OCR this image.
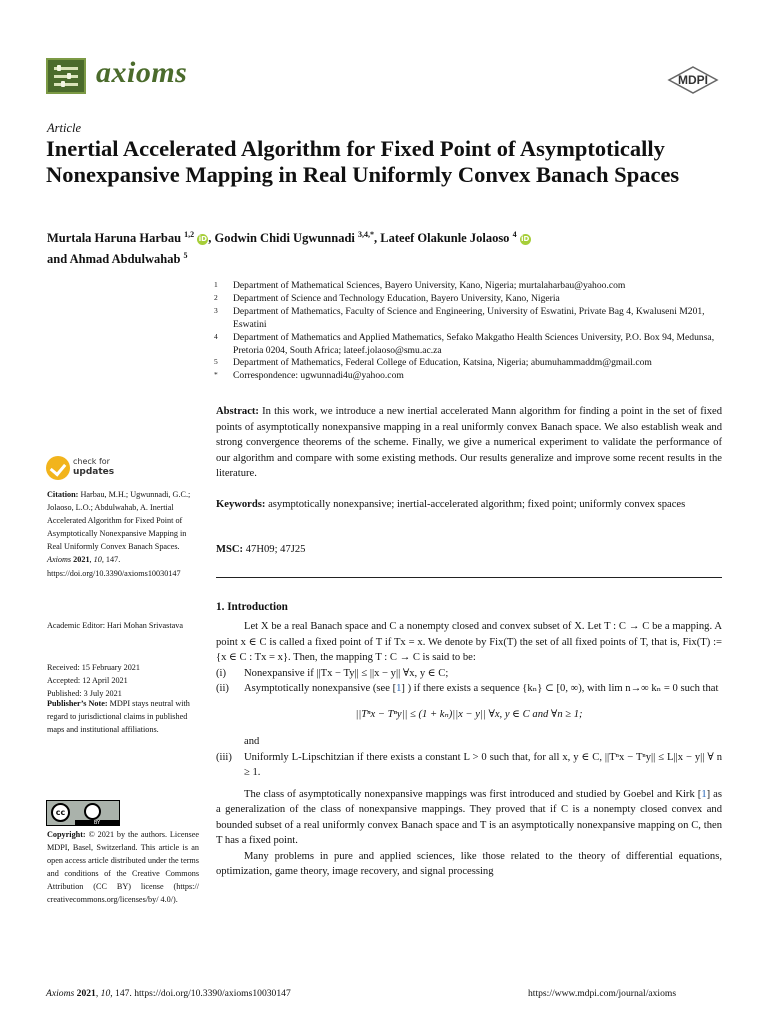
axioms	MDPI
Article
Inertial Accelerated Algorithm for Fixed Point of Asymptotically Nonexpansive Mapping in Real Uniformly Convex Banach Spaces
Murtala Haruna Harbau $^{1,2}$ iD, Godwin Chidi Ugwunnadi $^{3,4,*}$, Lateef Olakunle Jolaoso $^4$ iD
and Ahmad Abdulwahab $^5$
1 Department of Mathematical Sciences, Bayero University, Kano, Nigeria; murtalaharbau@yahoo.com
2 Department of Science and Technology Education, Bayero University, Kano, Nigeria
3 Department of Mathematics, Faculty of Science and Engineering, University of Eswatini, Private Bag 4, Kwaluseni M201, Eswatini
4 Department of Mathematics and Applied Mathematics, Sefako Makgatho Health Sciences University, P.O. Box 94, Medunsa, Pretoria 0204, South Africa; lateef.jolaoso@smu.ac.za
5 Department of Mathematics, Federal College of Education, Katsina, Nigeria; abumuhammaddm@gmail.com
* Correspondence: ugwunnadi4u@yahoo.com
Abstract: In this work, we introduce a new inertial accelerated Mann algorithm for finding a point in the set of fixed points of asymptotically nonexpansive mapping in a real uniformly convex Banach space. We also establish weak and strong convergence theorems of the scheme. Finally, we give a numerical experiment to validate the performance of our algorithm and compare with some existing methods. Our results generalize and improve some recent results in the literature.
Keywords: asymptotically nonexpansive; inertial-accelerated algorithm; fixed point; uniformly convex spaces
MSC: 47H09; 47J25
1. Introduction

Let X be a real Banach space and C a nonempty closed and convex subset of X. Let T : C → C be a mapping. A point x ∈ C is called a fixed point of T if Tx = x. We denote by Fix(T) the set of all fixed points of T, that is, Fix(T) := {x ∈ C : Tx = x}. Then, the mapping T : C → C is said to be:

(i) Nonexpansive if ||Tx − Ty|| ≤ ||x − y|| ∀x, y ∈ C;
(ii) Asymptotically nonexpansive (see [1] ) if there exists a sequence {kₙ} ⊂ [0, ∞), with lim n→∞ kₙ = 0 such that
||Tⁿx − Tⁿy|| ≤ (1 + kₙ)||x − y|| ∀x, y ∈ C and ∀n ≥ 1;
and
(iii) Uniformly L-Lipschitzian if there exists a constant L > 0 such that, for all x, y ∈ C, ||Tⁿx − Tⁿy|| ≤ L||x − y|| ∀ n ≥ 1.

The class of asymptotically nonexpansive mappings was first introduced and studied by Goebel and Kirk [1] as a generalization of the class of nonexpansive mappings. They proved that if C is a nonempty closed convex and bounded subset of a real uniformly convex Banach space and T is an asymptotically nonexpansive mapping on C, then T has a fixed point.

Many problems in pure and applied sciences, like those related to the theory of differential equations, optimization, game theory, image recovery, and signal processing

check for
updates
Citation: Harbau, M.H.; Ugwunnadi, G.C.; Jolaoso, L.O.; Abdulwahab, A. Inertial Accelerated Algorithm for Fixed Point of Asymptotically Nonexpansive Mapping in Real Uniformly Convex Banach Spaces. Axioms 2021, 10, 147. https://doi.org/10.3390/axioms10030147
Academic Editor: Hari Mohan Srivastava
Received: 15 February 2021
Accepted: 12 April 2021
Published: 3 July 2021
Publisher’s Note: MDPI stays neutral with regard to jurisdictional claims in published maps and institutional affiliations.
cc
BY
Copyright: © 2021 by the authors. Licensee MDPI, Basel, Switzerland. This article is an open access article distributed under the terms and conditions of the Creative Commons Attribution (CC BY) license (https:// creativecommons.org/licenses/by/ 4.0/).
Axioms 2021, 10, 147. https://doi.org/10.3390/axioms10030147	https://www.mdpi.com/journal/axioms
